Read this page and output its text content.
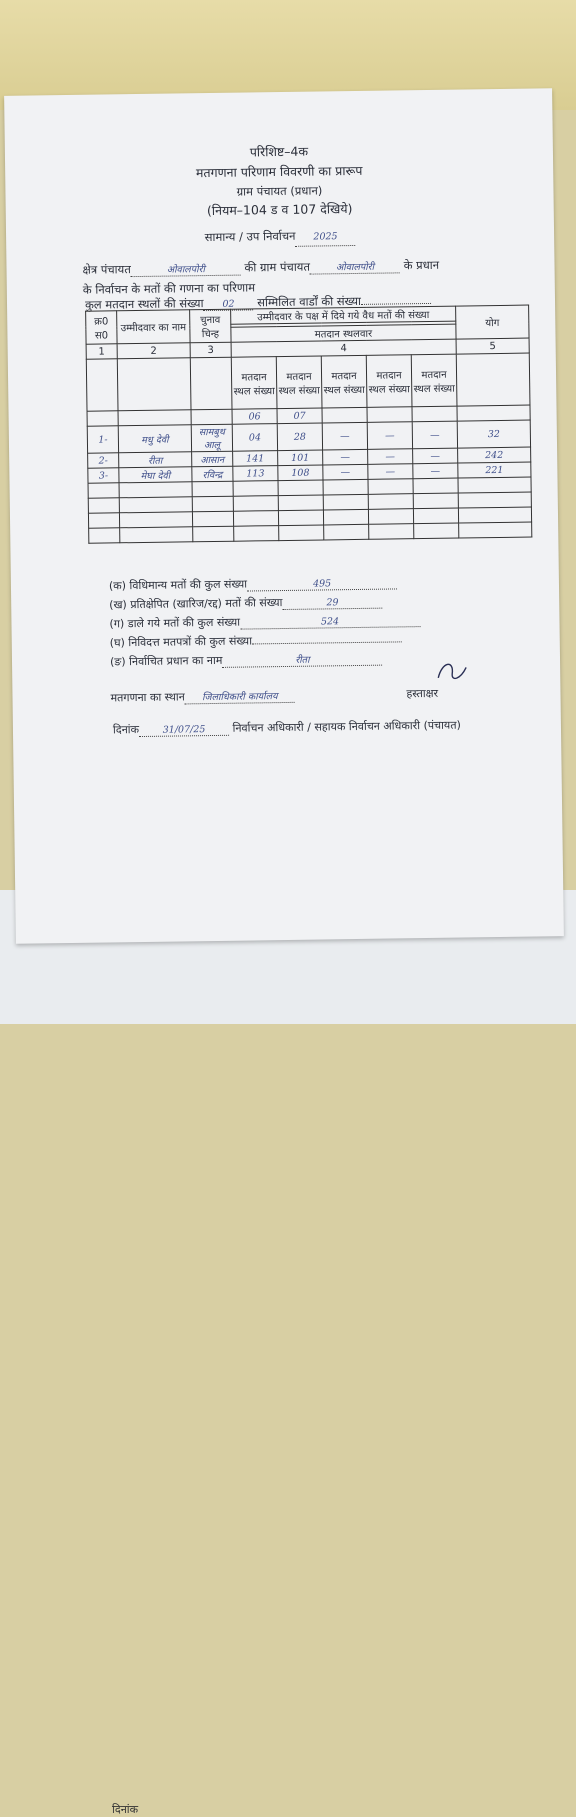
दिनांक
परिशिष्ट–4क
मतगणना परिणाम विवरणी का प्रारूप
ग्राम पंचायत (प्रधान)
(नियम–104 ड व 107 देखिये)
सामान्य / उप निर्वाचन 2025
क्षेत्र पंचायत	ओवालपोरी	की ग्राम पंचायत	ओवालपोरी	के प्रधान
के निर्वाचन के मतों की गणना का परिणाम
कुल मतदान स्थलों की संख्या 02 सम्मिलित वार्डों की संख्या
क्र0 स0	उम्मीदवार का नाम	चुनाव चिन्ह	उम्मीदवार के पक्ष में दिये गये वैध मतों की संख्या					योग

			मतदान स्थलवार					
1	2	3	4					5
			मतदान स्थल संख्या	मतदान स्थल संख्या	मतदान स्थल संख्या	मतदान स्थल संख्या	मतदान स्थल संख्या	
			06	07				
1-	मधु देवी	सामबुथ आलू	04	28	—	—	—	32
2-	रीता	आसान	141	101	—	—	—	242
3-	मेघा देवी	रविन्द्र	113	108	—	—	—	221

(क) विधिमान्य मतों की कुल संख्या	495
(ख) प्रतिक्षेपित (खारिज/रद्द) मतों की संख्या	29
(ग) डाले गये मतों की कुल संख्या	524
(घ) निविदत्त मतपत्रों की कुल संख्या
(ङ) निर्वाचित प्रधान का नाम	रीता
मतगणना का स्थान जिलाधिकारी कार्यालय	हस्ताक्षर
दिनांक 31/07/25 निर्वाचन अधिकारी / सहायक निर्वाचन अधिकारी (पंचायत)
